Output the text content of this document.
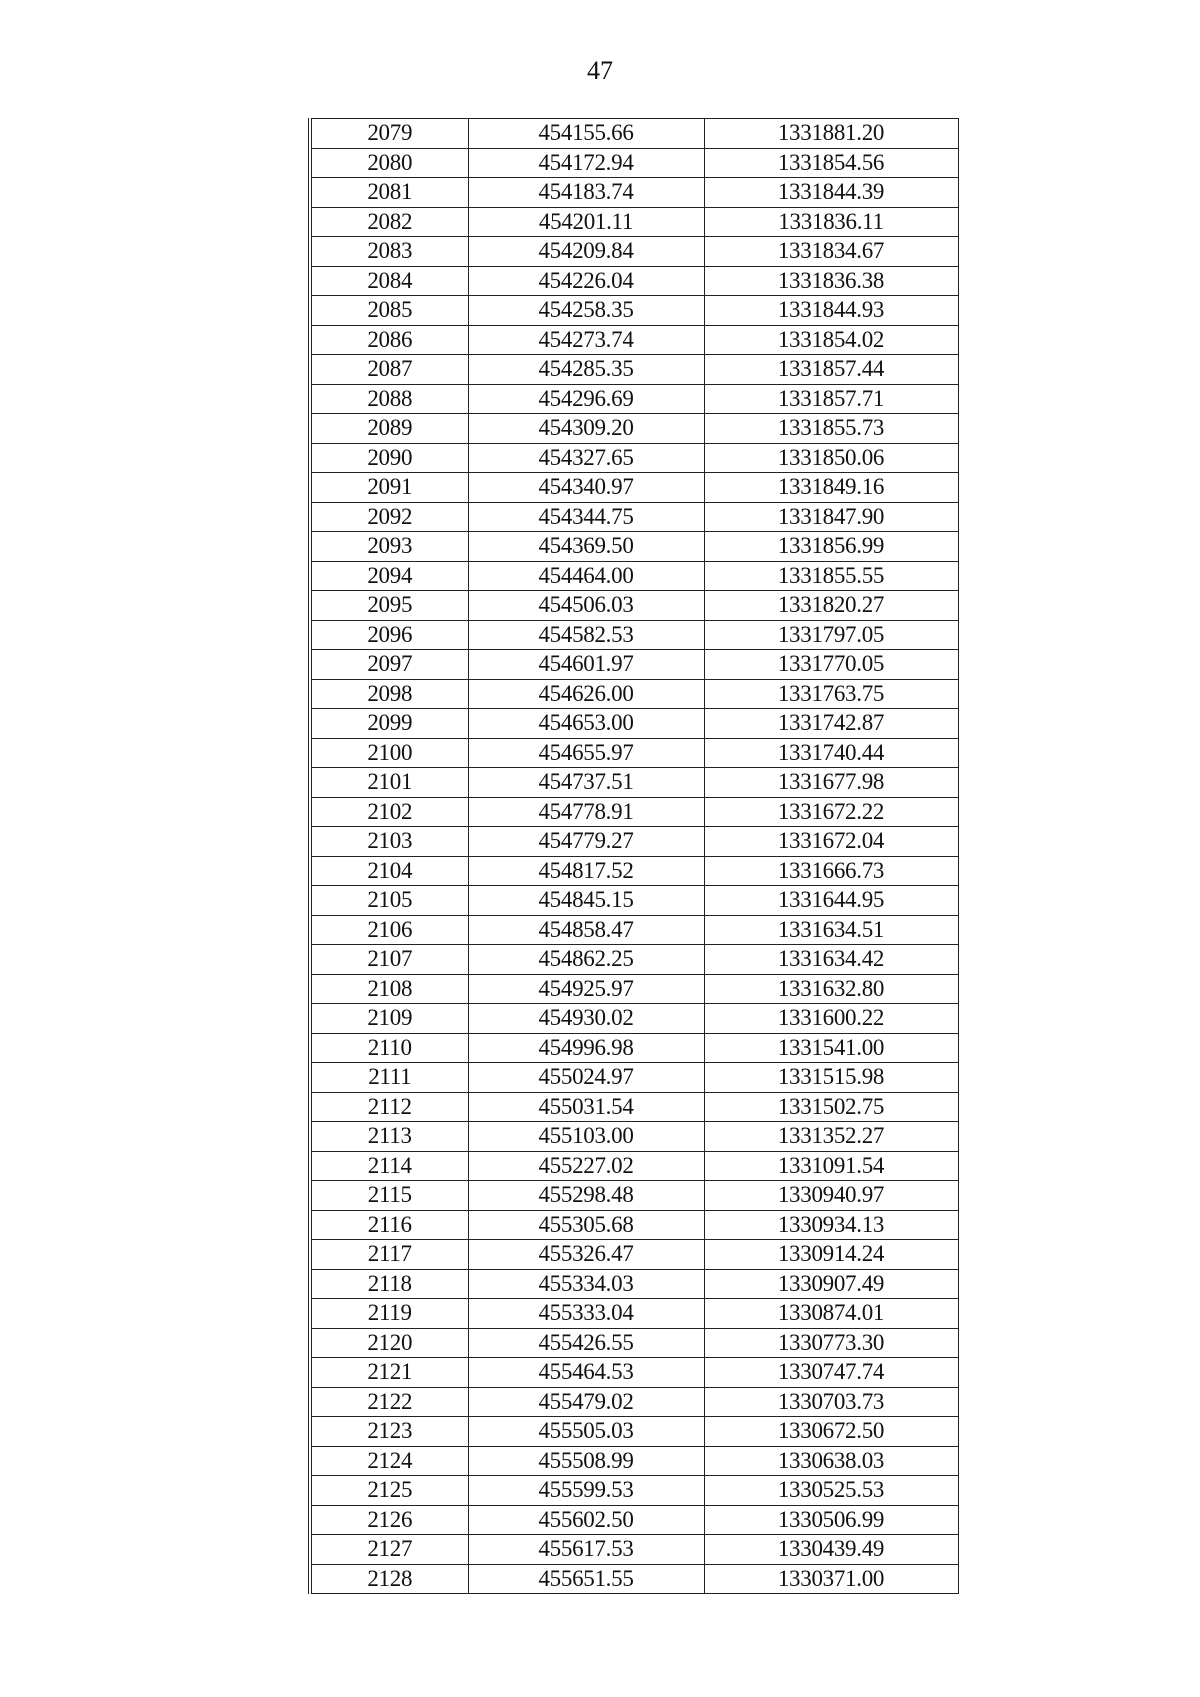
47
2079	454155.66	1331881.20
2080	454172.94	1331854.56
2081	454183.74	1331844.39
2082	454201.11	1331836.11
2083	454209.84	1331834.67
2084	454226.04	1331836.38
2085	454258.35	1331844.93
2086	454273.74	1331854.02
2087	454285.35	1331857.44
2088	454296.69	1331857.71
2089	454309.20	1331855.73
2090	454327.65	1331850.06
2091	454340.97	1331849.16
2092	454344.75	1331847.90
2093	454369.50	1331856.99
2094	454464.00	1331855.55
2095	454506.03	1331820.27
2096	454582.53	1331797.05
2097	454601.97	1331770.05
2098	454626.00	1331763.75
2099	454653.00	1331742.87
2100	454655.97	1331740.44
2101	454737.51	1331677.98
2102	454778.91	1331672.22
2103	454779.27	1331672.04
2104	454817.52	1331666.73
2105	454845.15	1331644.95
2106	454858.47	1331634.51
2107	454862.25	1331634.42
2108	454925.97	1331632.80
2109	454930.02	1331600.22
2110	454996.98	1331541.00
2111	455024.97	1331515.98
2112	455031.54	1331502.75
2113	455103.00	1331352.27
2114	455227.02	1331091.54
2115	455298.48	1330940.97
2116	455305.68	1330934.13
2117	455326.47	1330914.24
2118	455334.03	1330907.49
2119	455333.04	1330874.01
2120	455426.55	1330773.30
2121	455464.53	1330747.74
2122	455479.02	1330703.73
2123	455505.03	1330672.50
2124	455508.99	1330638.03
2125	455599.53	1330525.53
2126	455602.50	1330506.99
2127	455617.53	1330439.49
2128	455651.55	1330371.00
